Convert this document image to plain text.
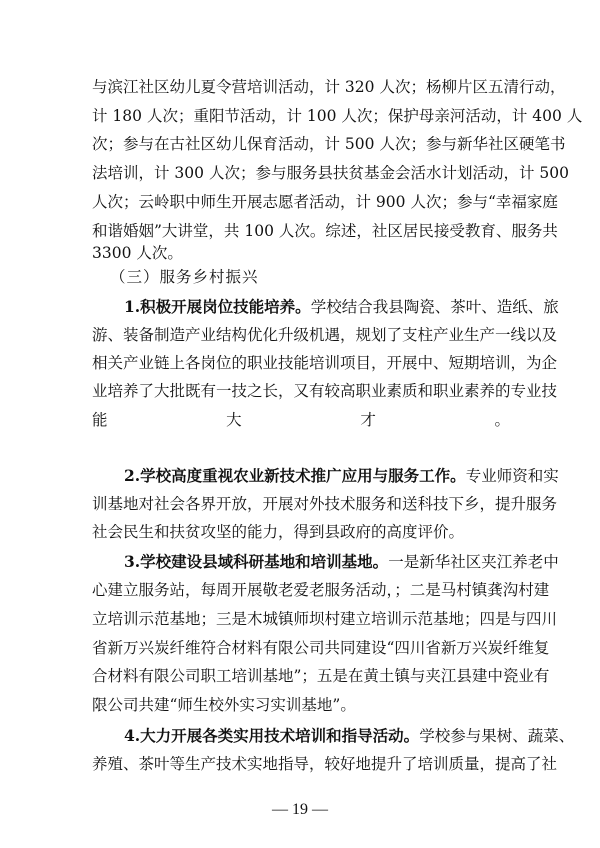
与滨江社区幼儿夏令营培训活动，计 320 人次；杨柳片区五清行动，
计 180 人次；重阳节活动，计 100 人次；保护母亲河活动，计 400 人
次；参与在古社区幼儿保育活动，计 500 人次；参与新华社区硬笔书
法培训，计 300 人次；参与服务县扶贫基金会活水计划活动，计 500
人次；云岭职中师生开展志愿者活动，计 900 人次；参与“幸福家庭
和谐婚姻”大讲堂，共 100 人次。综述，社区居民接受教育、服务共
3300 人次。
（三）服务乡村振兴
1.积极开展岗位技能培养。 学校结合我县陶瓷、茶叶、造纸、旅
游、装备制造产业结构优化升级机遇，规划了支柱产业生产一线以及
相关产业链上各岗位的职业技能培训项目，开展中、短期培训，为企
业培养了大批既有一技之长，又有较高职业素质和职业素养的专业技
能大才。
2.学校高度重视农业新技术推广应用与服务工作。 专业师资和实
训基地对社会各界开放，开展对外技术服务和送科技下乡，提升服务
社会民生和扶贫攻坚的能力，得到县政府的高度评价。
3.学校建设县域科研基地和培训基地。 一是新华社区夹江养老中
心建立服务站，每周开展敬老爱老服务活动，；二是马村镇龚沟村建
立培训示范基地；三是木城镇师坝村建立培训示范基地；四是与四川
省新万兴炭纤维符合材料有限公司共同建设“四川省新万兴炭纤维复
合材料有限公司职工培训基地”；五是在黄土镇与夹江县建中瓷业有
限公司共建“师生校外实习实训基地”。
— 19 —
4.大力开展各类实用技术培训和指导活动。 学校参与果树、蔬菜、
养殖、茶叶等生产技术实地指导，较好地提升了培训质量，提高了社
